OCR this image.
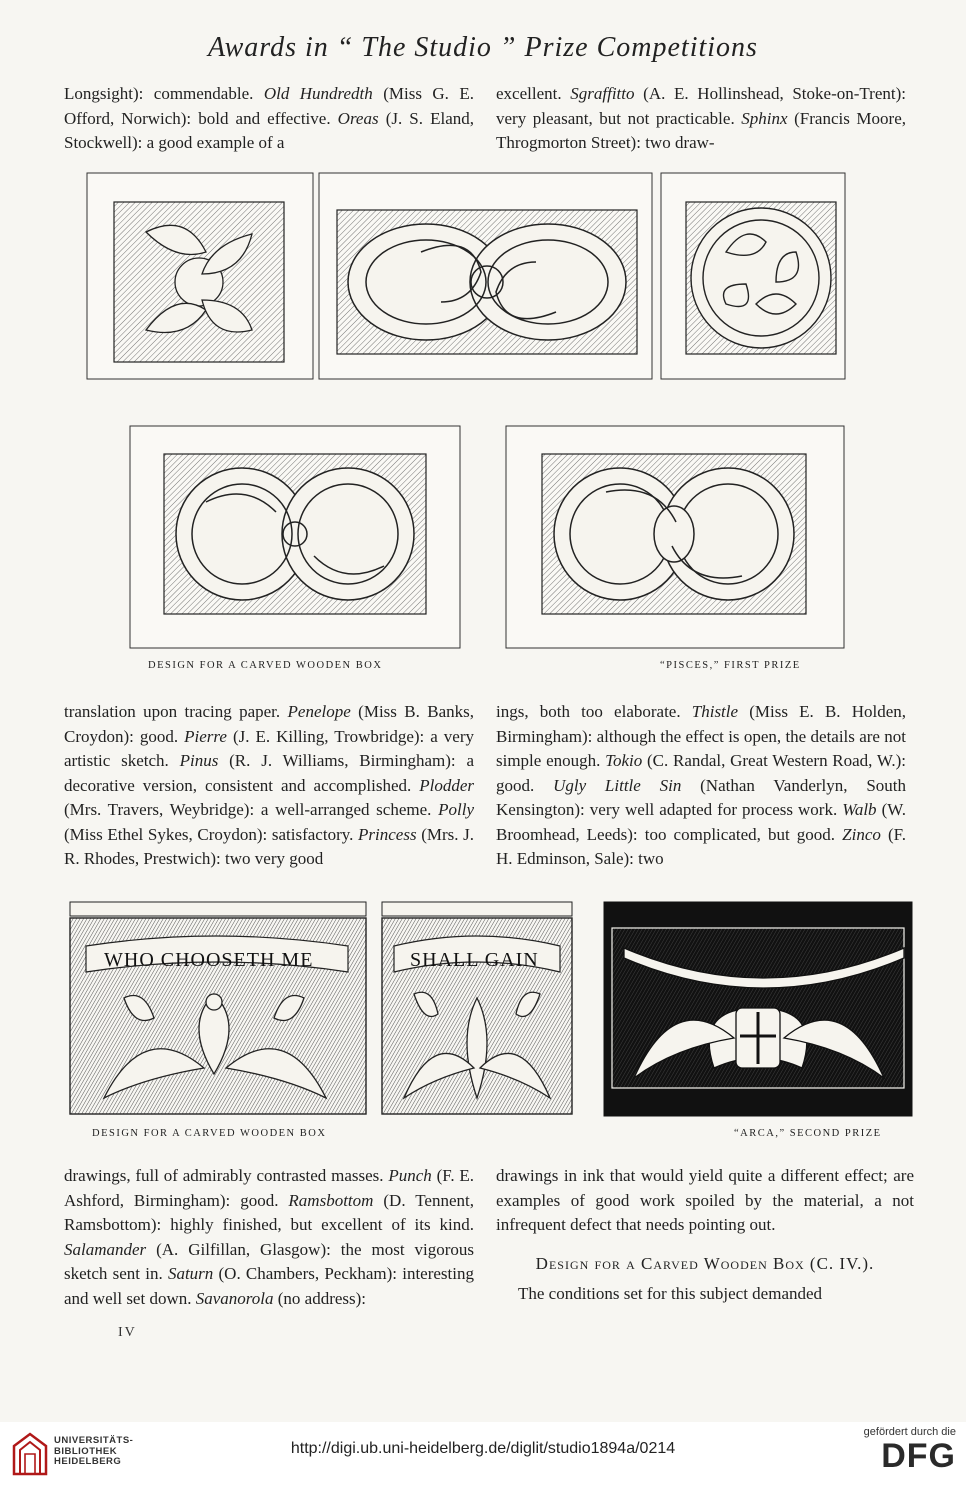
Awards in “ The Studio ” Prize Competitions

Longsight): commendable. Old Hundredth (Miss G. E. Offord, Norwich): bold and effective. Oreas (J. S. Eland, Stockwell): a good example of a

excellent. Sgraffitto (A. E. Hollinshead, Stoke-on-Trent): very pleasant, but not practicable. Sphinx (Francis Moore, Throgmorton Street): two draw-

DESIGN FOR A CARVED WOODEN BOX	“PISCES,” FIRST PRIZE

translation upon tracing paper. Penelope (Miss B. Banks, Croydon): good. Pierre (J. E. Killing, Trowbridge): a very artistic sketch. Pinus (R. J. Williams, Birmingham): a decorative version, consistent and accomplished. Plodder (Mrs. Travers, Weybridge): a well-arranged scheme. Polly (Miss Ethel Sykes, Croydon): satisfactory. Princess (Mrs. J. R. Rhodes, Prestwich): two very good

ings, both too elaborate. Thistle (Miss E. B. Holden, Birmingham): although the effect is open, the details are not simple enough. Tokio (C. Randal, Great Western Road, W.): good. Ugly Little Sin (Nathan Vanderlyn, South Kensington): very well adapted for process work. Walb (W. Broomhead, Leeds): too complicated, but good. Zinco (F. H. Edminson, Sale): two

WHO CHOOSETH ME	SHALL GAIN
DESIGN FOR A CARVED WOODEN BOX	“ARCA,” SECOND PRIZE

drawings, full of admirably contrasted masses. Punch (F. E. Ashford, Birmingham): good. Ramsbottom (D. Tennent, Ramsbottom): highly finished, but excellent of its kind. Salamander (A. Gilfillan, Glasgow): the most vigorous sketch sent in. Saturn (O. Chambers, Peckham): interesting and well set down. Savanorola (no address):

drawings in ink that would yield quite a different effect; are examples of good work spoiled by the material, a not infrequent defect that needs pointing out.

Design for a Carved Wooden Box (C. IV.).

The conditions set for this subject demanded

IV
UNIVERSITÄTS-
BIBLIOTHEK
HEIDELBERG
http://digi.ub.uni-heidelberg.de/diglit/studio1894a/0214
gefördert durch die
DFG
